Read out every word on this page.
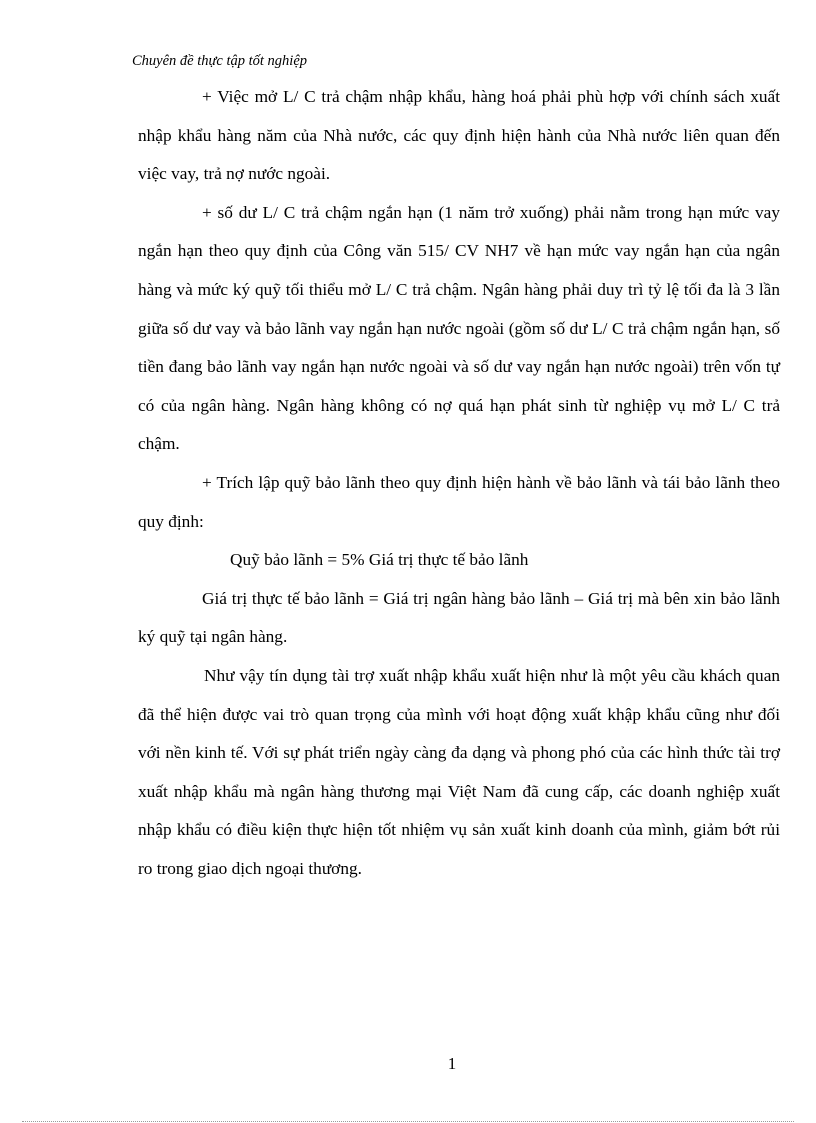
Chuyên đề thực tập tốt nghiệp

+ Việc mở L/ C trả chậm nhập khẩu, hàng hoá phải phù hợp với chính sách xuất nhập khẩu hàng năm của Nhà nước, các quy định hiện hành của Nhà nước liên quan đến việc vay, trả nợ nước ngoài.

+ số dư L/ C trả chậm ngắn hạn (1 năm trở xuống) phải nằm trong hạn mức vay ngắn hạn theo quy định của Công văn 515/ CV NH7 về hạn mức vay ngắn hạn của ngân hàng và mức ký quỹ tối thiểu mở L/ C trả chậm. Ngân hàng phải duy trì tỷ lệ tối đa là 3 lần giữa số dư vay và bảo lãnh vay ngắn hạn nước ngoài (gồm số dư L/ C trả chậm ngắn hạn, số tiền đang bảo lãnh vay ngắn hạn nước ngoài và số dư vay ngắn hạn nước ngoài) trên vốn tự có của ngân hàng. Ngân hàng không có nợ quá hạn phát sinh từ nghiệp vụ mở L/ C trả chậm.

+ Trích lập quỹ bảo lãnh theo quy định hiện hành về bảo lãnh và tái bảo lãnh theo quy định:

Quỹ bảo lãnh = 5% Giá trị thực tế bảo lãnh

Giá trị thực tế bảo lãnh = Giá trị ngân hàng bảo lãnh – Giá trị mà bên xin bảo lãnh ký quỹ tại ngân hàng.

Như vậy tín dụng tài trợ xuất nhập khẩu xuất hiện như là một yêu cầu khách quan đã thể hiện được vai trò quan trọng của mình với hoạt động xuất khập khẩu cũng như đối với nền kinh tế. Với sự phát triển ngày càng đa dạng và phong phó của các hình thức tài trợ xuất nhập khẩu mà ngân hàng thương mại Việt Nam đã cung cấp, các doanh nghiệp xuất nhập khẩu có điều kiện thực hiện tốt nhiệm vụ sản xuất kinh doanh của mình, giảm bớt rủi ro trong giao dịch ngoại thương.

1
